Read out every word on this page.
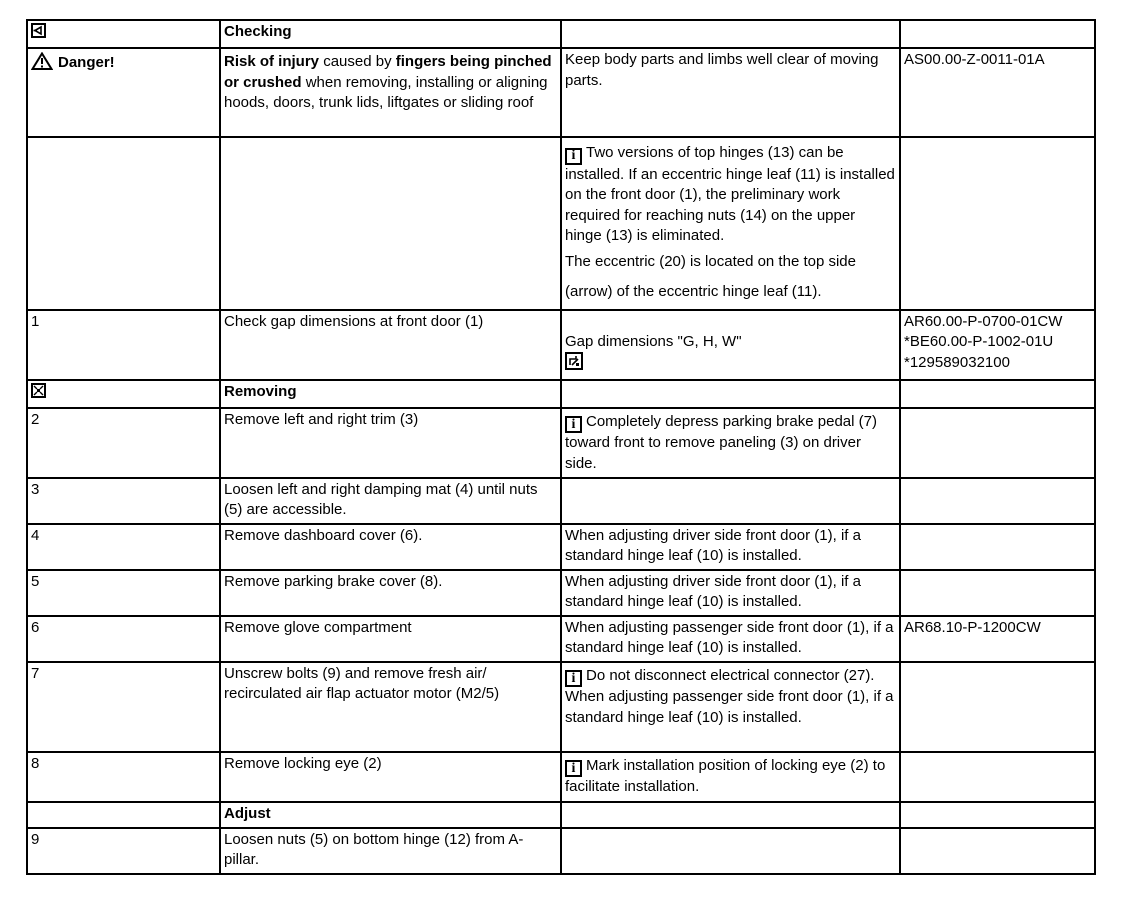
	Checking		
Danger!	Risk of injury caused by fingers being pinched or crushed when removing, installing or aligning hoods, doors, trunk lids, liftgates or sliding roof	Keep body parts and limbs well clear of moving parts.	AS00.00-Z-0011-01A
		i Two versions of top hinges (13) can be installed. If an eccentric hinge leaf (11) is installed on the front door (1), the preliminary work required for reaching nuts (14) on the upper hinge (13) is eliminated.
The eccentric (20) is located on the top side (arrow) of the eccentric hinge leaf (11).	
1	Check gap dimensions at front door (1)	Gap dimensions "G, H, W"	AR60.00-P-0700-01CW
*BE60.00-P-1002-01U
*129589032100

	Removing		
2	Remove left and right trim (3)	i Completely depress parking brake pedal (7) toward front to remove paneling (3) on driver side.	
3	Loosen left and right damping mat (4) until nuts (5) are accessible.		
4	Remove dashboard cover (6).	When adjusting driver side front door (1), if a standard hinge leaf (10) is installed.	
5	Remove parking brake cover (8).	When adjusting driver side front door (1), if a standard hinge leaf (10) is installed.	
6	Remove glove compartment	When adjusting passenger side front door (1), if a standard hinge leaf (10) is installed.	AR68.10-P-1200CW
7	Unscrew bolts (9) and remove fresh air/ recirculated air flap actuator motor (M2/5)	i Do not disconnect electrical connector (27).
When adjusting passenger side front door (1), if a standard hinge leaf (10) is installed.	
8	Remove locking eye (2)	i Mark installation position of locking eye (2) to facilitate installation.	
	Adjust		
9	Loosen nuts (5) on bottom hinge (12) from A-pillar.		
